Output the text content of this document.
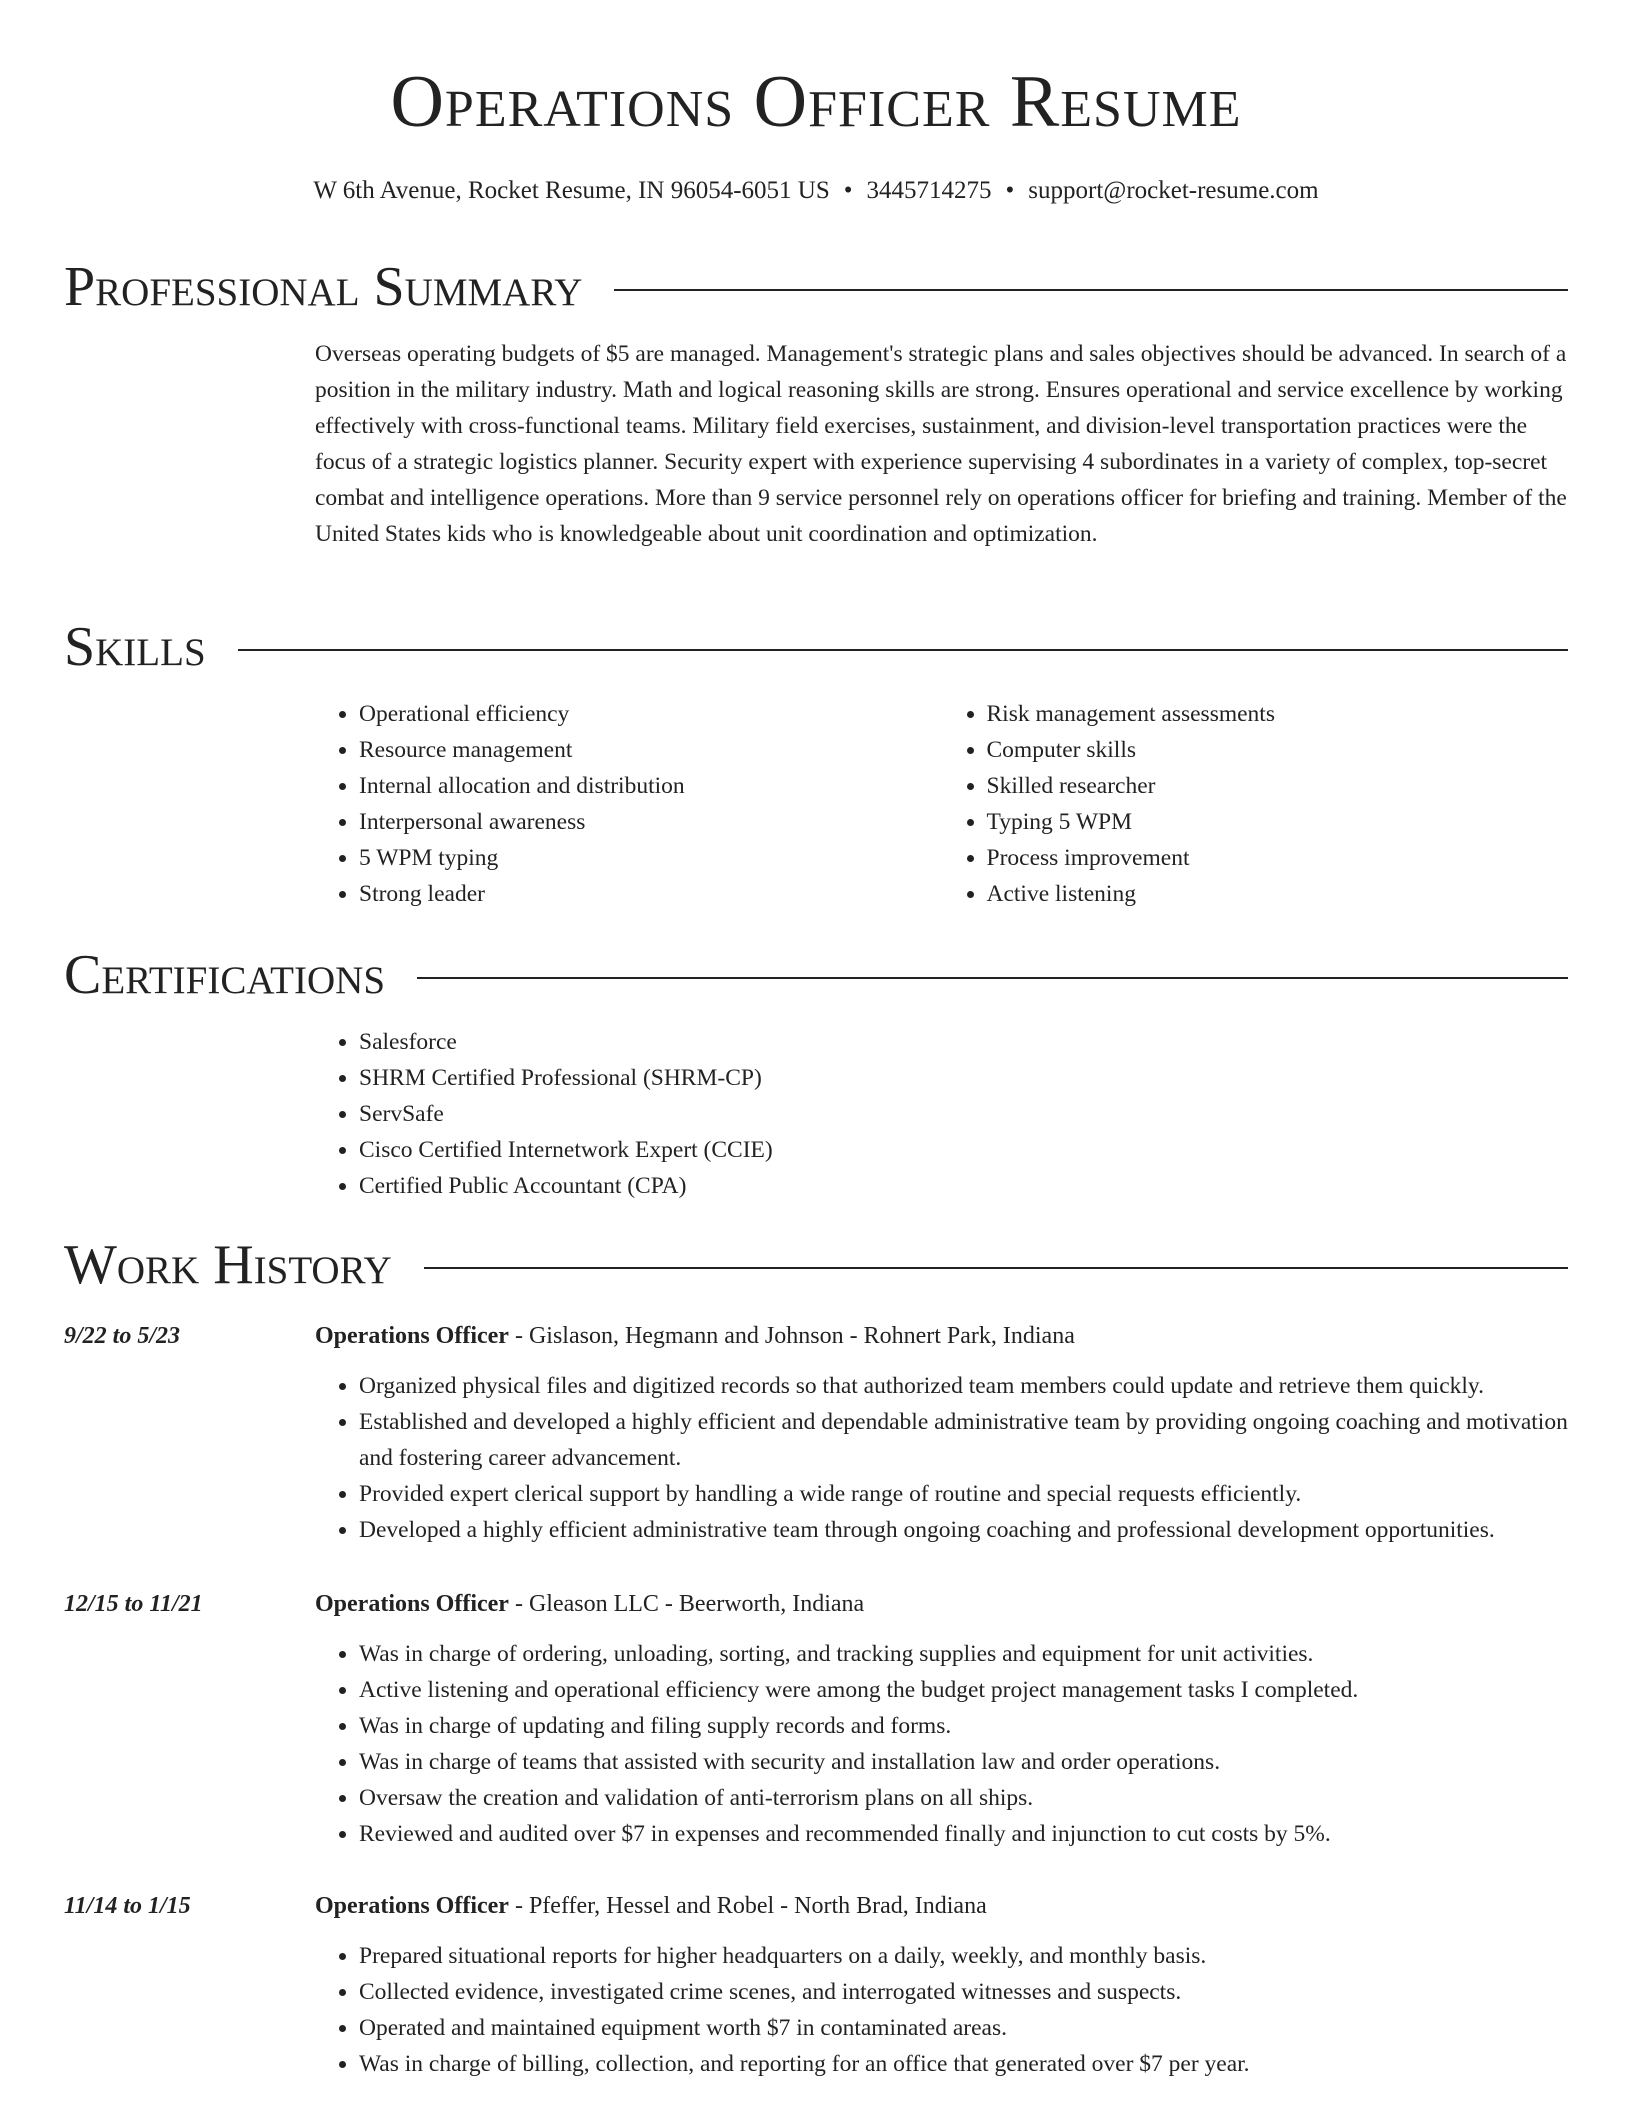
Operations Officer Resume
W 6th Avenue, Rocket Resume, IN 96054-6051 US • 3445714275 • support@rocket-resume.com
Professional Summary

Overseas operating budgets of $5 are managed. Management's strategic plans and sales objectives should be advanced. In search of a position in the military industry. Math and logical reasoning skills are strong. Ensures operational and service excellence by working effectively with cross-functional teams. Military field exercises, sustainment, and division-level transportation practices were the focus of a strategic logistics planner. Security expert with experience supervising 4 subordinates in a variety of complex, top-secret combat and intelligence operations. More than 9 service personnel rely on operations officer for briefing and training. Member of the United States kids who is knowledgeable about unit coordination and optimization.

Skills
• Operational efficiency
• Resource management
• Internal allocation and distribution
• Interpersonal awareness
• 5 WPM typing
• Strong leader
• Risk management assessments
• Computer skills
• Skilled researcher
• Typing 5 WPM
• Process improvement
• Active listening
Certifications
• Salesforce
• SHRM Certified Professional (SHRM-CP)
• ServSafe
• Cisco Certified Internetwork Expert (CCIE)
• Certified Public Accountant (CPA)
Work History
9/22 to 5/23	Operations Officer - Gislason, Hegmann and Johnson - Rohnert Park, Indiana

• Organized physical files and digitized records so that authorized team members could update and retrieve them quickly.
• Established and developed a highly efficient and dependable administrative team by providing ongoing coaching and motivation and fostering career advancement.
• Provided expert clerical support by handling a wide range of routine and special requests efficiently.
• Developed a highly efficient administrative team through ongoing coaching and professional development opportunities.
12/15 to 11/21	Operations Officer - Gleason LLC - Beerworth, Indiana

• Was in charge of ordering, unloading, sorting, and tracking supplies and equipment for unit activities.
• Active listening and operational efficiency were among the budget project management tasks I completed.
• Was in charge of updating and filing supply records and forms.
• Was in charge of teams that assisted with security and installation law and order operations.
• Oversaw the creation and validation of anti-terrorism plans on all ships.
• Reviewed and audited over $7 in expenses and recommended finally and injunction to cut costs by 5%.
11/14 to 1/15	Operations Officer - Pfeffer, Hessel and Robel - North Brad, Indiana

• Prepared situational reports for higher headquarters on a daily, weekly, and monthly basis.
• Collected evidence, investigated crime scenes, and interrogated witnesses and suspects.
• Operated and maintained equipment worth $7 in contaminated areas.
• Was in charge of billing, collection, and reporting for an office that generated over $7 per year.
